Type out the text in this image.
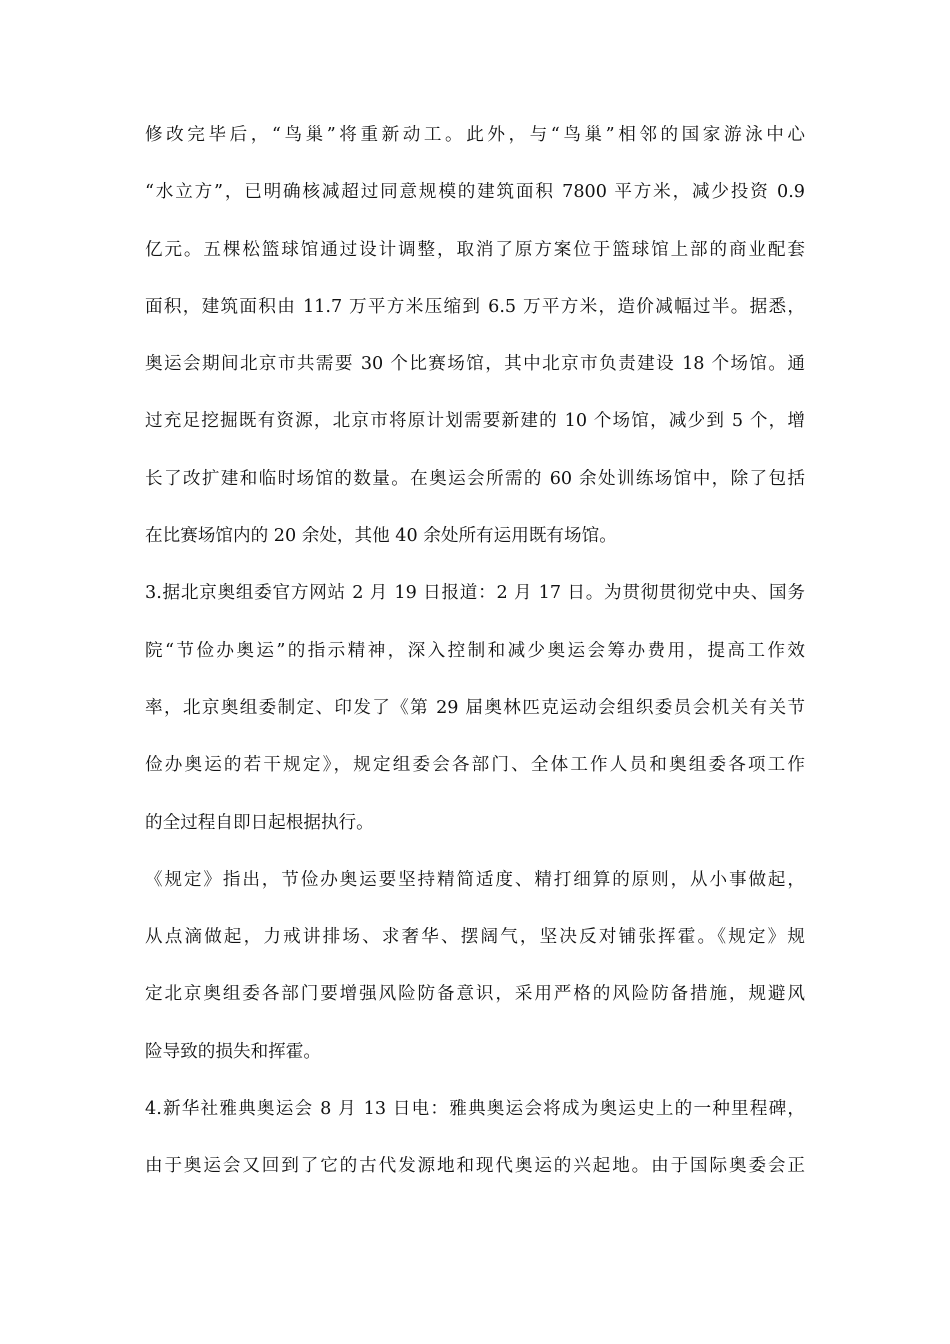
修改完毕后，“鸟巢”将重新动工。此外，与“鸟巢”相邻的国家游泳中心
“水立方”，已明确核减超过同意规模的建筑面积 7800 平方米，减少投资 0.9
亿元。五棵松篮球馆通过设计调整，取消了原方案位于篮球馆上部的商业配套
面积，建筑面积由 11.7 万平方米压缩到 6.5 万平方米，造价减幅过半。据悉，
奥运会期间北京市共需要 30 个比赛场馆，其中北京市负责建设 18 个场馆。通
过充足挖掘既有资源，北京市将原计划需要新建的 10 个场馆，减少到 5 个，增
长了改扩建和临时场馆的数量。在奥运会所需的 60 余处训练场馆中，除了包括
在比赛场馆内的 20 余处，其他 40 余处所有运用既有场馆。
3.据北京奥组委官方网站 2 月 19 日报道：2 月 17 日。为贯彻贯彻党中央、国务
院“节俭办奥运”的指示精神，深入控制和减少奥运会筹办费用，提高工作效
率，北京奥组委制定、印发了《第 29 届奥林匹克运动会组织委员会机关有关节
俭办奥运的若干规定》，规定组委会各部门、全体工作人员和奥组委各项工作
的全过程自即日起根据执行。
《规定》指出，节俭办奥运要坚持精简适度、精打细算的原则，从小事做起，
从点滴做起，力戒讲排场、求奢华、摆阔气，坚决反对铺张挥霍。《规定》规
定北京奥组委各部门要增强风险防备意识，采用严格的风险防备措施，规避风
险导致的损失和挥霍。
4.新华社雅典奥运会 8 月 13 日电：雅典奥运会将成为奥运史上的一种里程碑，
由于奥运会又回到了它的古代发源地和现代奥运的兴起地。由于国际奥委会正
